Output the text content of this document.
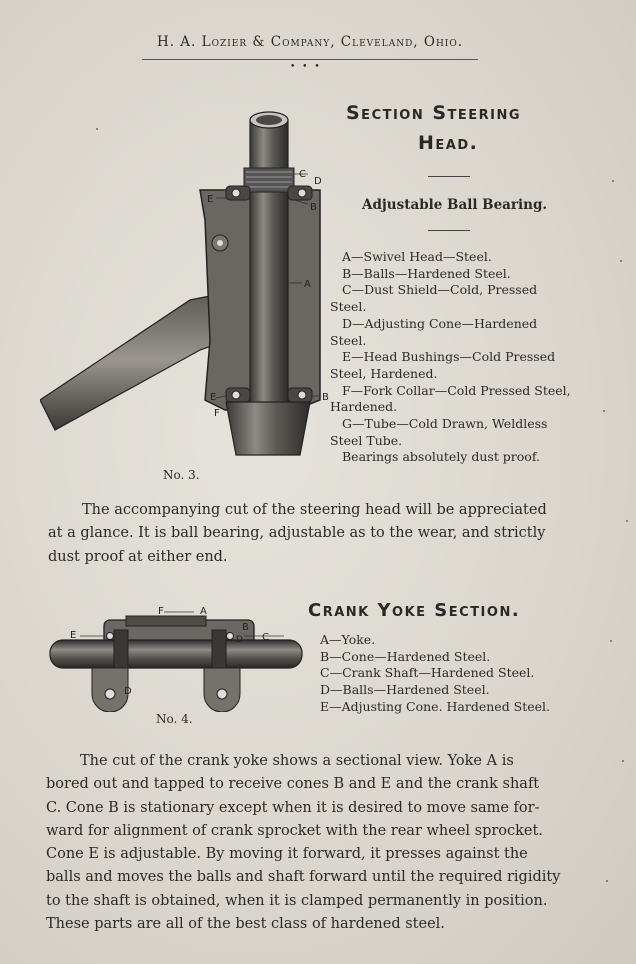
H. A. Lozier & Company, Cleveland, Ohio.
• • •
C
D
B
A
E
E
F
B
G
Section Steering
Head.
Adjustable Ball Bearing.
A—Swivel Head—Steel.
B—Balls—Hardened Steel.
C—Dust Shield—Cold, Pressed
Steel.
D—Adjusting Cone—Hardened
Steel.
E—Head Bushings—Cold Pressed
Steel, Hardened.
F—Fork Collar—Cold Pressed Steel,
Hardened.
G—Tube—Cold Drawn, Weldless
Steel Tube.
Bearings absolutely dust proof.
No. 3.
The accompanying cut of the steering head will be appreciated
at a glance. It is ball bearing, adjustable as to the wear, and strictly
dust proof at either end.
F	A
E
B
D C
D
Crank Yoke Section.
A—Yoke.
B—Cone—Hardened Steel.
C—Crank Shaft—Hardened Steel.
D—Balls—Hardened Steel.
E—Adjusting Cone. Hardened Steel.
No. 4.
The cut of the crank yoke shows a sectional view. Yoke A is
bored out and tapped to receive cones B and E and the crank shaft
C. Cone B is stationary except when it is desired to move same for-
ward for alignment of crank sprocket with the rear wheel sprocket.
Cone E is adjustable. By moving it forward, it presses against the
balls and moves the balls and shaft forward until the required rigidity
to the shaft is obtained, when it is clamped permanently in position.
These parts are all of the best class of hardened steel.
